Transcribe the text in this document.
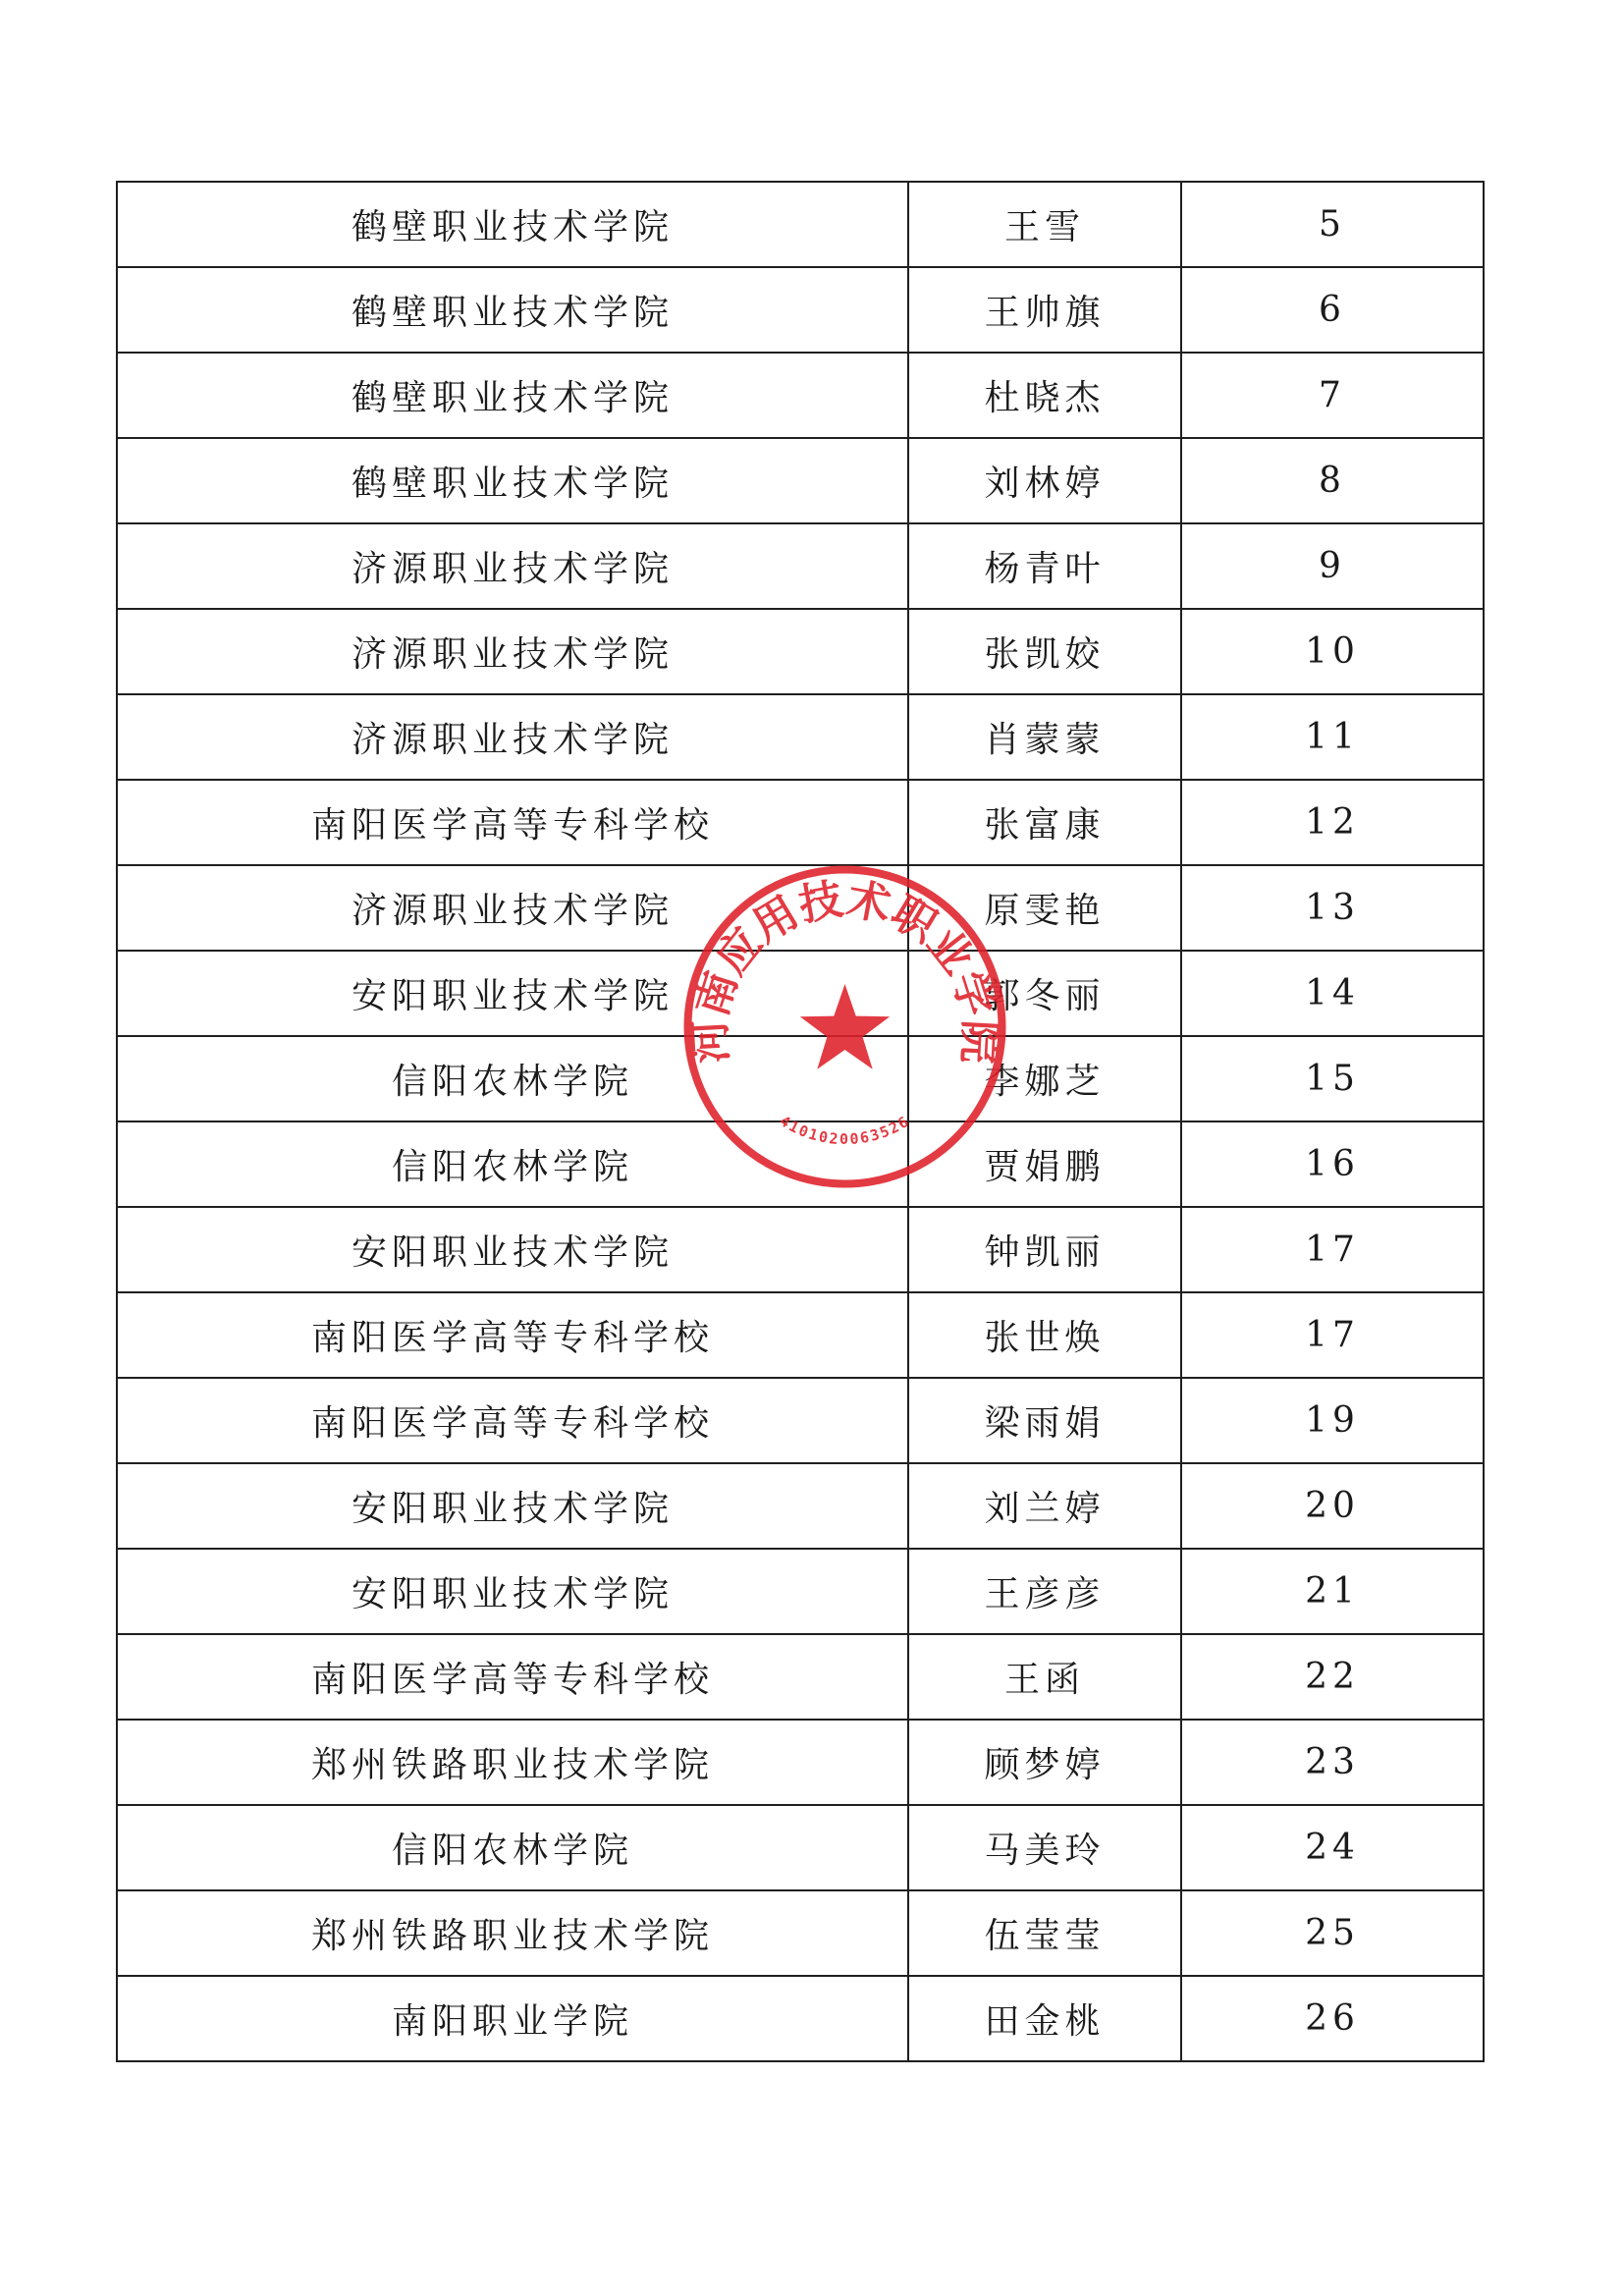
鹤壁职业技术学院	王雪	5
鹤壁职业技术学院	王帅旗	6
鹤壁职业技术学院	杜晓杰	7
鹤壁职业技术学院	刘林婷	8
济源职业技术学院	杨青叶	9
济源职业技术学院	张凯姣	10
济源职业技术学院	肖蒙蒙	11
南阳医学高等专科学校	张富康	12
济源职业技术学院	原雯艳	13
安阳职业技术学院	郭冬丽	14
信阳农林学院	李娜芝	15
信阳农林学院	贾娟鹏	16
安阳职业技术学院	钟凯丽	17
南阳医学高等专科学校	张世焕	17
南阳医学高等专科学校	梁雨娟	19
安阳职业技术学院	刘兰婷	20
安阳职业技术学院	王彦彦	21
南阳医学高等专科学校	王函	22
郑州铁路职业技术学院	顾梦婷	23
信阳农林学院	马美玲	24
郑州铁路职业技术学院	伍莹莹	25
南阳职业学院	田金桃	26
河南应用技术职业学院
4101020063526
